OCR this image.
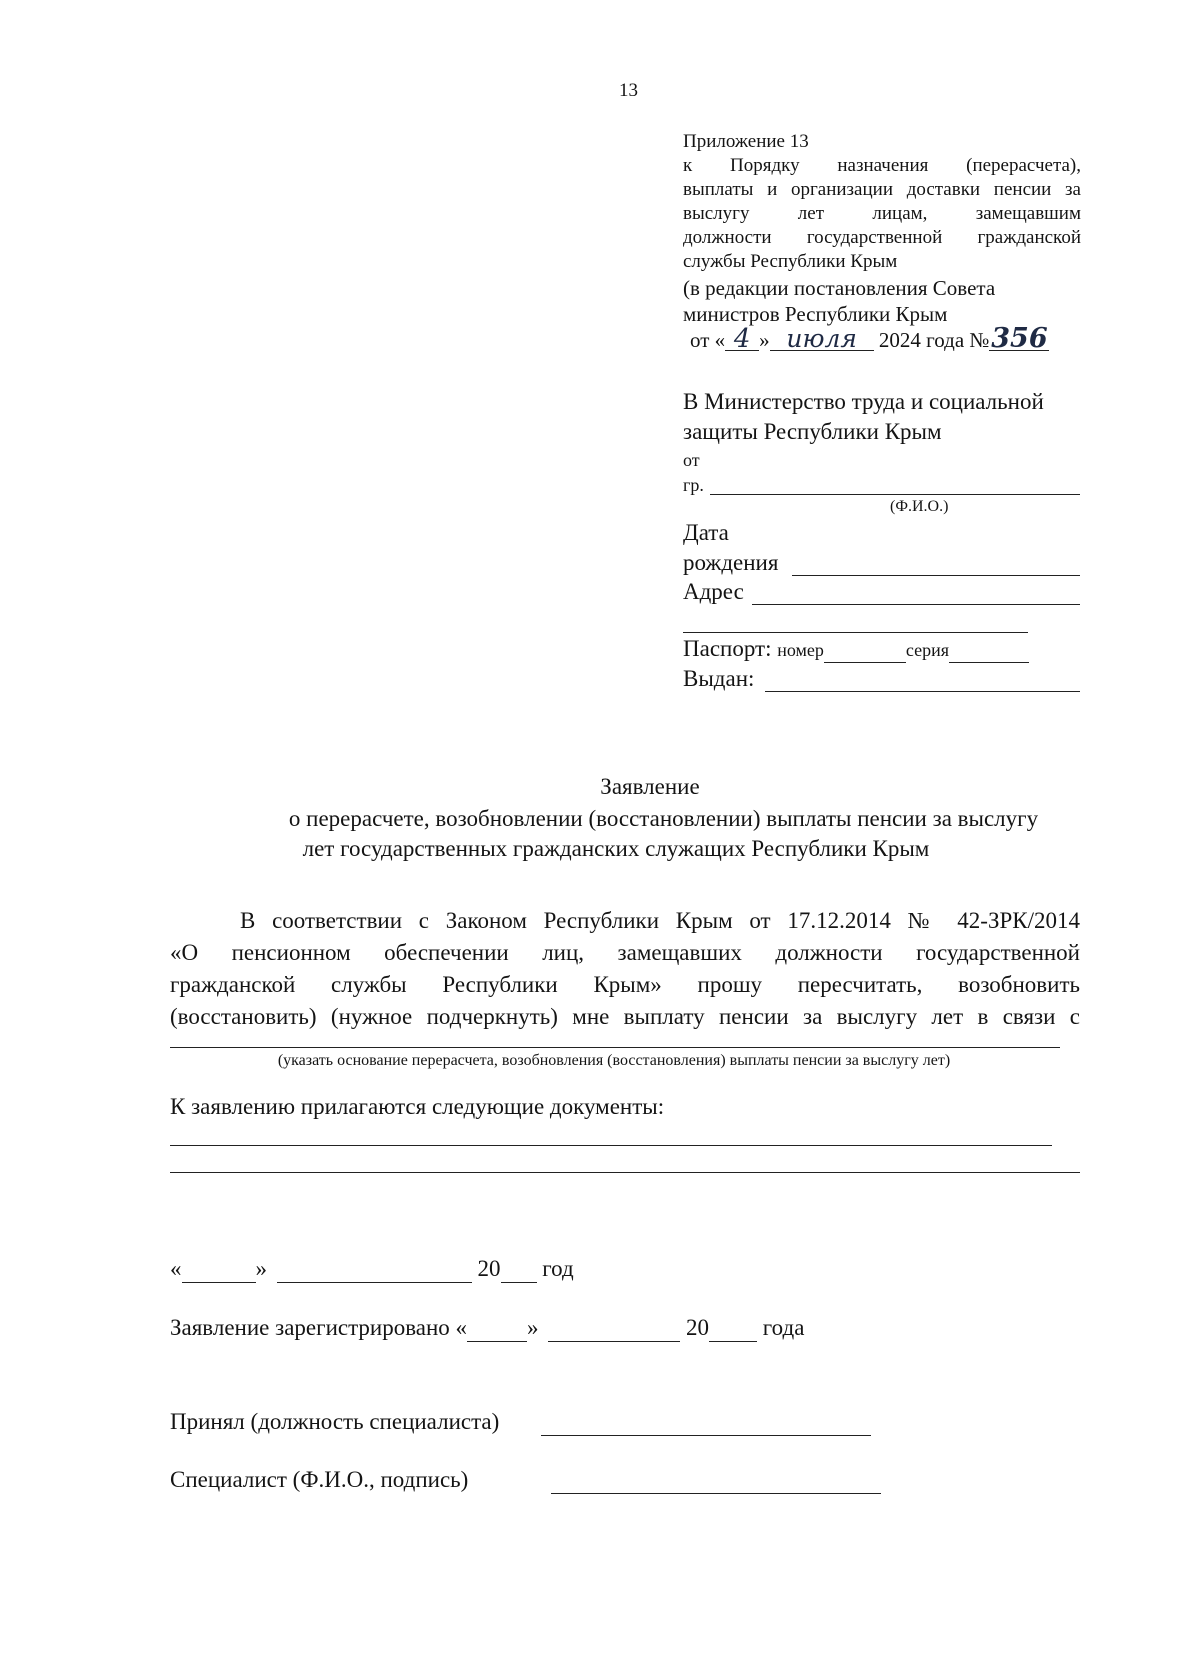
13
Приложение 13
к Порядку назначения (перерасчета),
выплаты и организации доставки пенсии за
выслугу лет лицам, замещавшим
должности государственной гражданской
службы Республики Крым
(в редакции постановления Совета
министров Республики Крым
от « 4 » июля 2024 года №356
В Министерство труда и социальной
защиты Республики Крым
от
гр.
(Ф.И.О.)
Дата
рождения
Адрес
Паспорт: номер	серия
Выдан:
Заявление
о перерасчете, возобновлении (восстановлении) выплаты пенсии за выслугу
лет государственных гражданских служащих Республики Крым
В соответствии с Законом Республики Крым от 17.12.2014 № 42-ЗРК/2014
«О пенсионном обеспечении лиц, замещавших должности государственной
гражданской службы Республики Крым» прошу пересчитать, возобновить
(восстановить) (нужное подчеркнуть) мне выплату пенсии за выслугу лет в связи с
(указать основание перерасчета, возобновления (восстановления) выплаты пенсии за выслугу лет)
К заявлению прилагаются следующие документы:
«	»	20 год
Заявление зарегистрировано «	»	20 года
Принял (должность специалиста)
Специалист (Ф.И.О., подпись)
